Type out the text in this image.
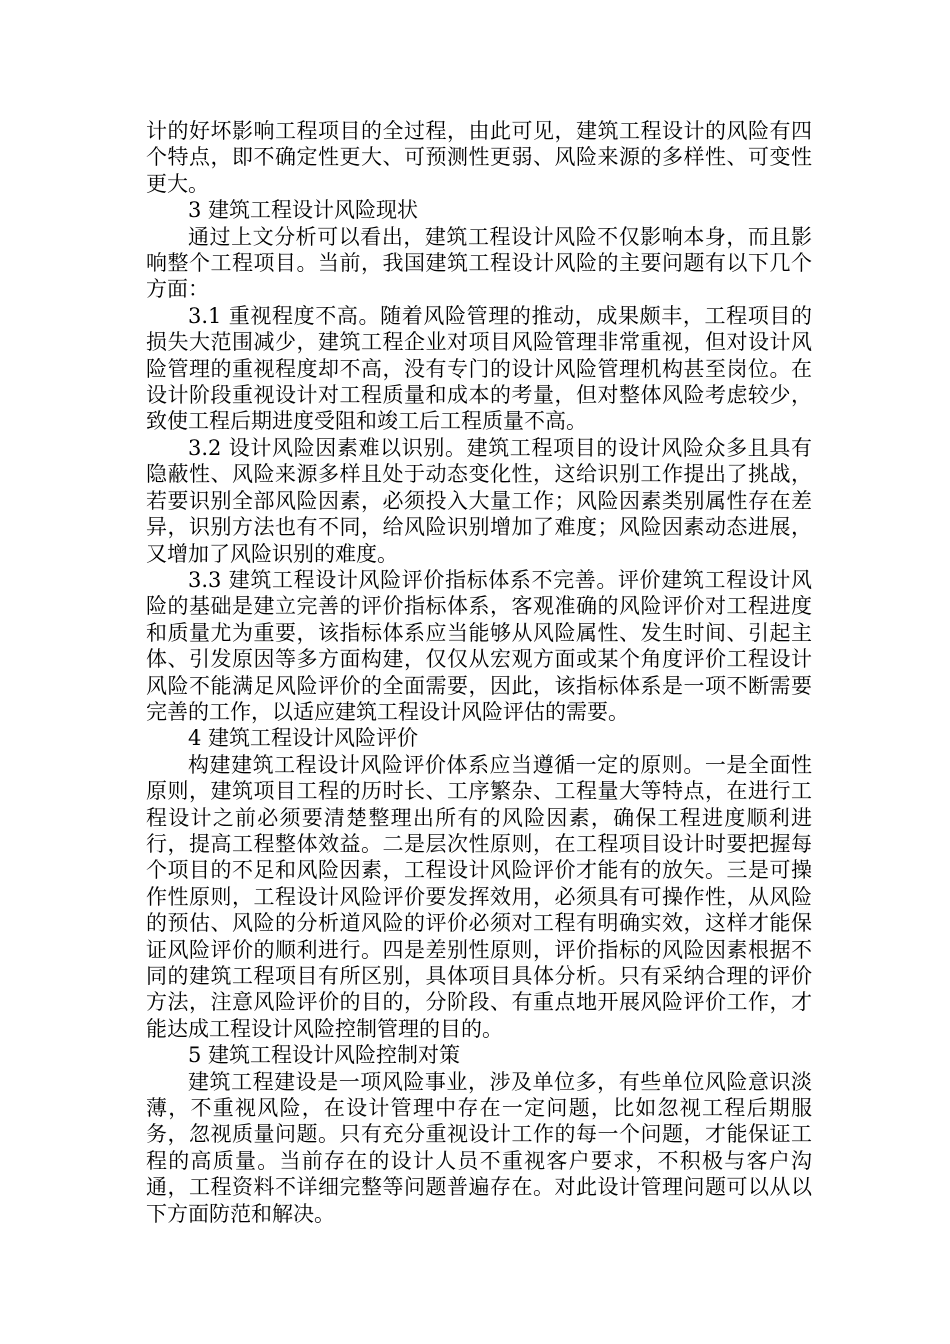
计的好坏影响工程项目的全过程，由此可见，建筑工程设计的风险有四个特点，即不确定性更大、可预测性更弱、风险来源的多样性、可变性更大。

3 建筑工程设计风险现状

通过上文分析可以看出，建筑工程设计风险不仅影响本身，而且影响整个工程项目。当前，我国建筑工程设计风险的主要问题有以下几个方面：

3.1 重视程度不高。随着风险管理的推动，成果颇丰，工程项目的损失大范围减少，建筑工程企业对项目风险管理非常重视，但对设计风险管理的重视程度却不高，没有专门的设计风险管理机构甚至岗位。在设计阶段重视设计对工程质量和成本的考量，但对整体风险考虑较少，致使工程后期进度受阻和竣工后工程质量不高。

3.2 设计风险因素难以识别。建筑工程项目的设计风险众多且具有隐蔽性、风险来源多样且处于动态变化性，这给识别工作提出了挑战，若要识别全部风险因素，必须投入大量工作；风险因素类别属性存在差异，识别方法也有不同，给风险识别增加了难度；风险因素动态进展，又增加了风险识别的难度。

3.3 建筑工程设计风险评价指标体系不完善。评价建筑工程设计风险的基础是建立完善的评价指标体系，客观准确的风险评价对工程进度和质量尤为重要，该指标体系应当能够从风险属性、发生时间、引起主体、引发原因等多方面构建，仅仅从宏观方面或某个角度评价工程设计风险不能满足风险评价的全面需要，因此，该指标体系是一项不断需要完善的工作，以适应建筑工程设计风险评估的需要。

4 建筑工程设计风险评价

构建建筑工程设计风险评价体系应当遵循一定的原则。一是全面性原则，建筑项目工程的历时长、工序繁杂、工程量大等特点，在进行工程设计之前必须要清楚整理出所有的风险因素，确保工程进度顺利进行，提高工程整体效益。二是层次性原则，在工程项目设计时要把握每个项目的不足和风险因素，工程设计风险评价才能有的放矢。三是可操作性原则，工程设计风险评价要发挥效用，必须具有可操作性，从风险的预估、风险的分析道风险的评价必须对工程有明确实效，这样才能保证风险评价的顺利进行。四是差别性原则，评价指标的风险因素根据不同的建筑工程项目有所区别，具体项目具体分析。只有采纳合理的评价方法，注意风险评价的目的，分阶段、有重点地开展风险评价工作，才能达成工程设计风险控制管理的目的。

5 建筑工程设计风险控制对策

建筑工程建设是一项风险事业，涉及单位多，有些单位风险意识淡薄，不重视风险，在设计管理中存在一定问题，比如忽视工程后期服务，忽视质量问题。只有充分重视设计工作的每一个问题，才能保证工程的高质量。当前存在的设计人员不重视客户要求，不积极与客户沟通，工程资料不详细完整等问题普遍存在。对此设计管理问题可以从以下方面防范和解决。
